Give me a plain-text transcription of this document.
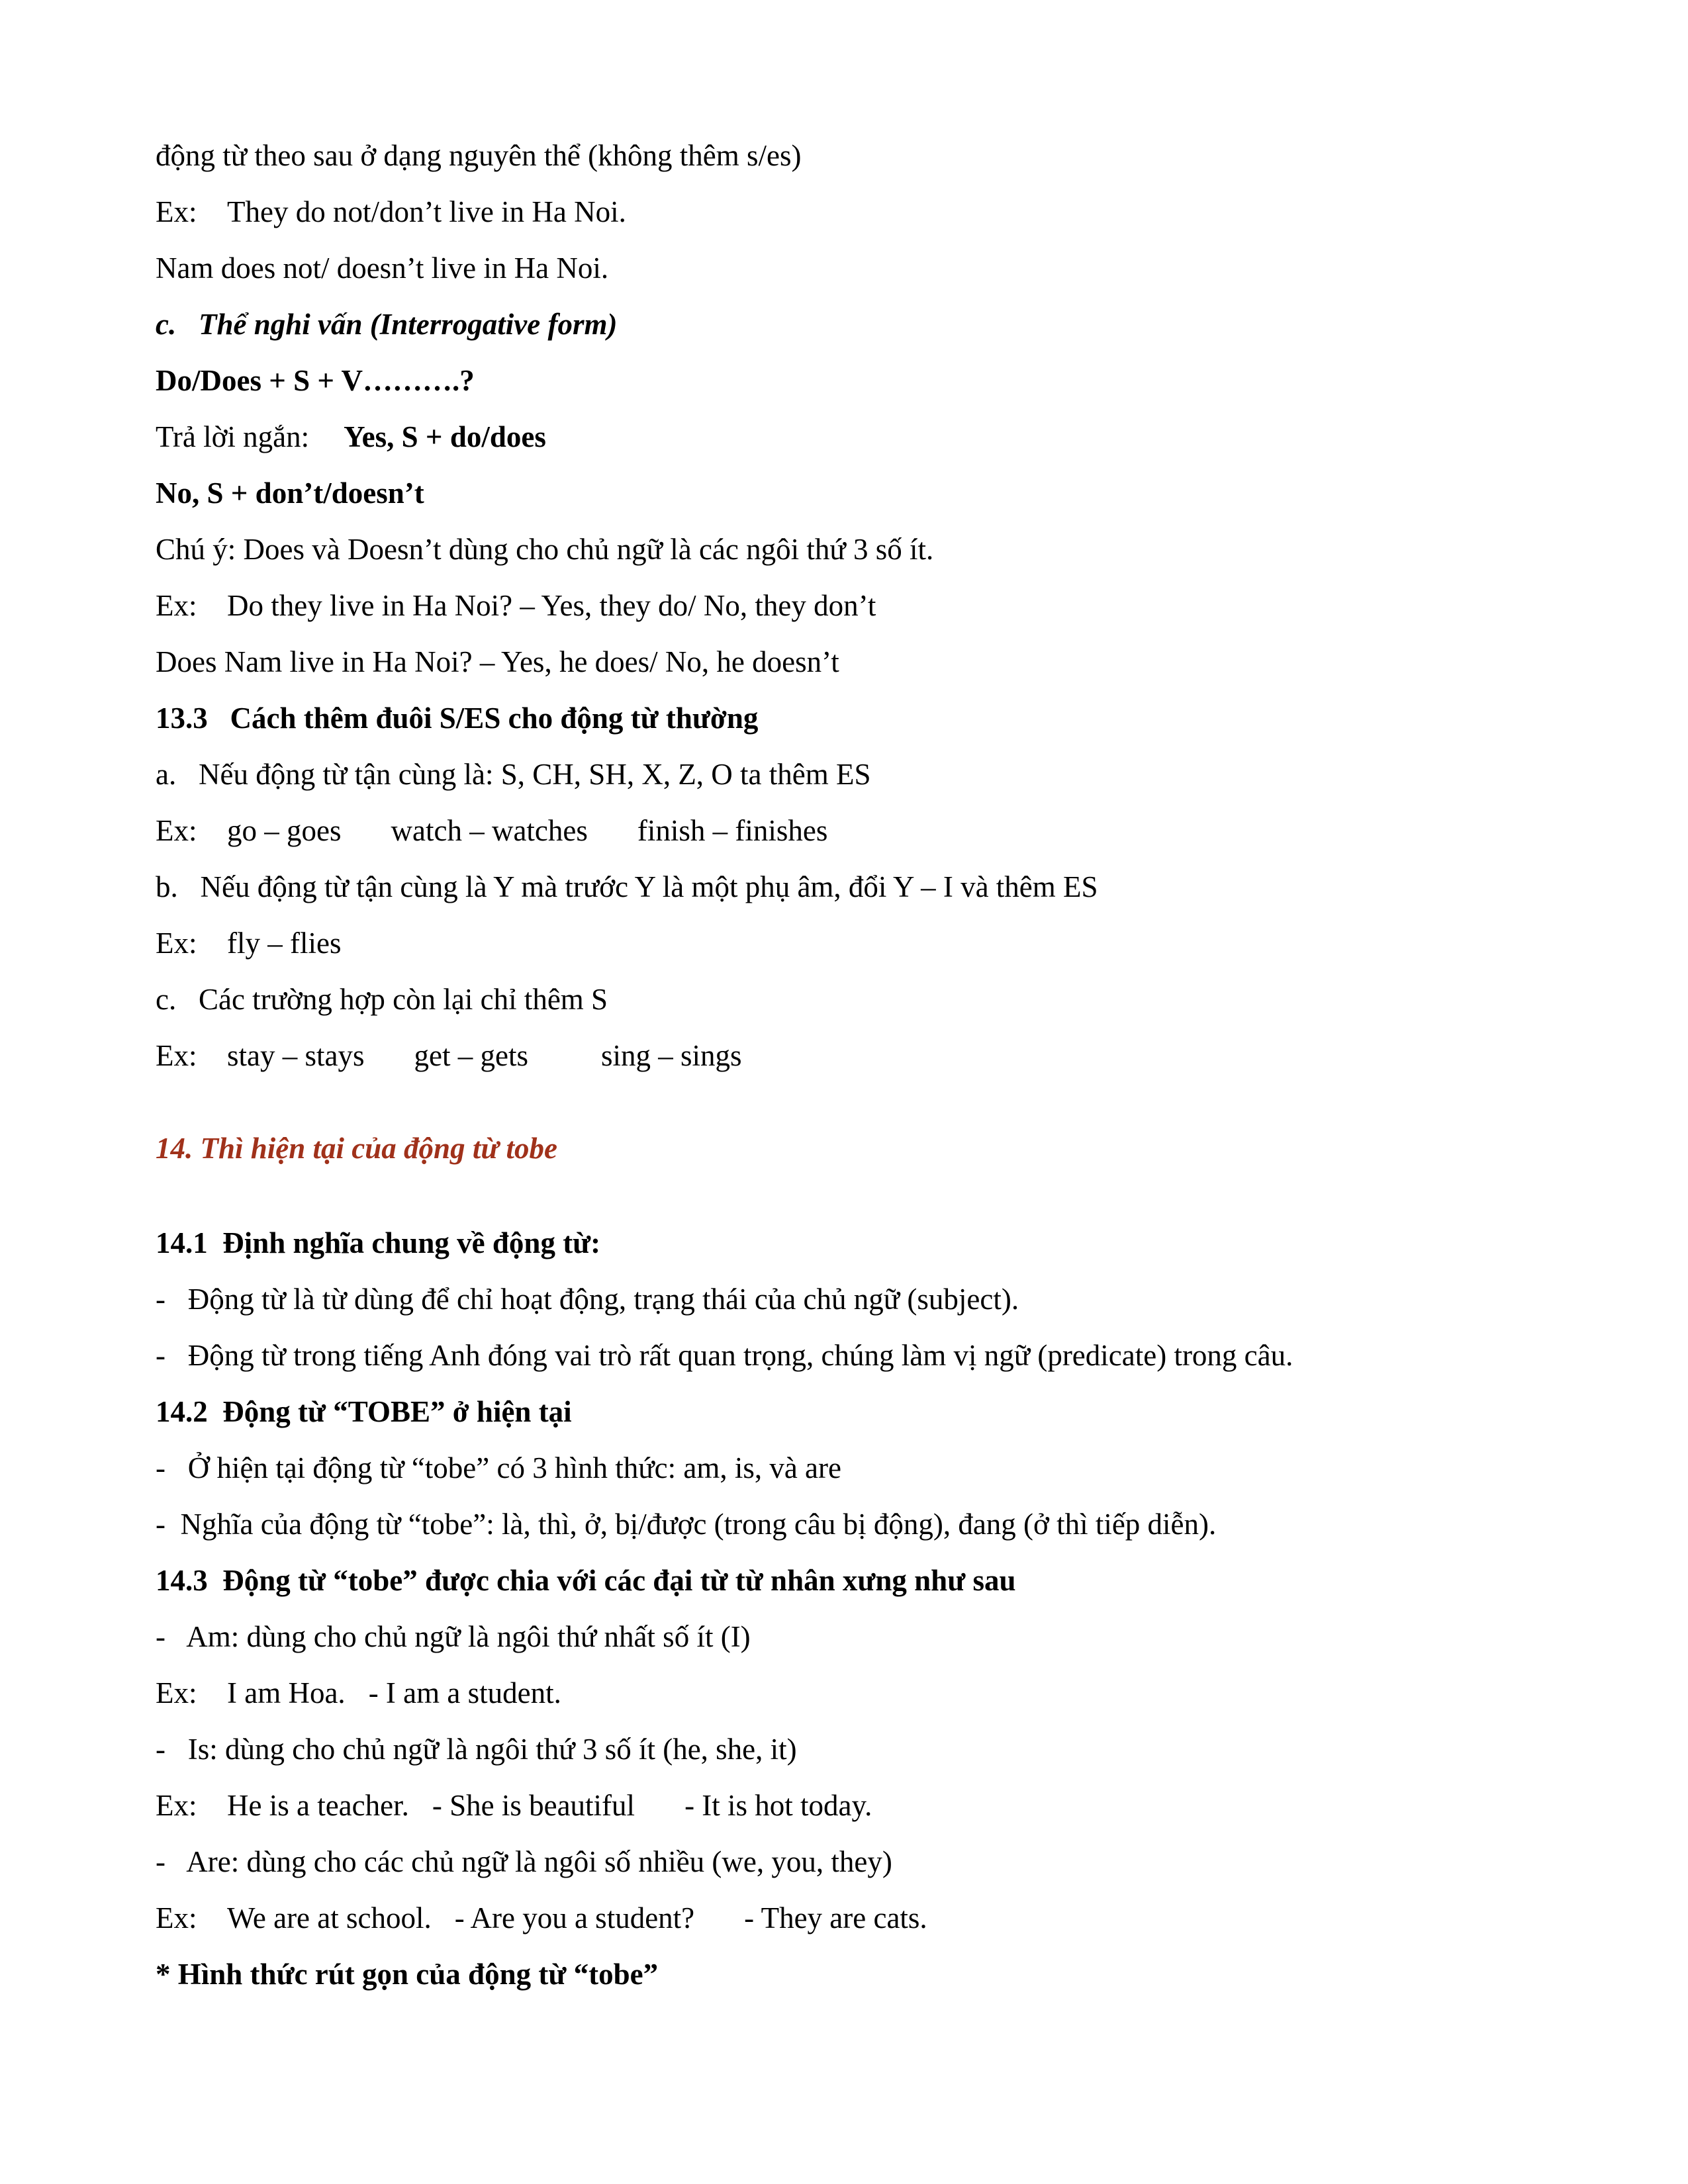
động từ theo sau ở dạng nguyên thể (không thêm s/es)
Ex: They do not/don’t live in Ha Noi.
Nam does not/ doesn’t live in Ha Noi.
c.   Thể nghi vấn (Interrogative form)
Do/Does + S + V……….?
Trả lời ngắn: Yes, S + do/does
No, S + don’t/doesn’t
Chú ý: Does và Doesn’t dùng cho chủ ngữ là các ngôi thứ 3 số ít.
Ex: Do they live in Ha Noi? – Yes, they do/ No, they don’t
Does Nam live in Ha Noi? – Yes, he does/ No, he doesn’t
13.3   Cách thêm đuôi S/ES cho động từ thường
a.   Nếu động từ tận cùng là: S, CH, SH, X, Z, O ta thêm ES
Ex: go – goes watch – watches finish – finishes
b.   Nếu động từ tận cùng là Y mà trước Y là một phụ âm, đổi Y – I và thêm ES
Ex: fly – flies
c.   Các trường hợp còn lại chỉ thêm S
Ex: stay – stays get – gets sing – sings
14. Thì hiện tại của động từ tobe
14.1  Định nghĩa chung về động từ:
-   Động từ là từ dùng để chỉ hoạt động, trạng thái của chủ ngữ (subject).
-   Động từ trong tiếng Anh đóng vai trò rất quan trọng, chúng làm vị ngữ (predicate) trong câu.
14.2  Động từ “TOBE” ở hiện tại
-   Ở hiện tại động từ “tobe” có 3 hình thức: am, is, và are
-  Nghĩa của động từ “tobe”: là, thì, ở, bị/được (trong câu bị động), đang (ở thì tiếp diễn).
14.3  Động từ “tobe” được chia với các đại từ từ nhân xưng như sau
-   Am: dùng cho chủ ngữ là ngôi thứ nhất số ít (I)
Ex: I am Hoa. - I am a student.
-   Is: dùng cho chủ ngữ là ngôi thứ 3 số ít (he, she, it)
Ex: He is a teacher. - She is beautiful - It is hot today.
-   Are: dùng cho các chủ ngữ là ngôi số nhiều (we, you, they)
Ex: We are at school. - Are you a student? - They are cats.
* Hình thức rút gọn của động từ “tobe”
